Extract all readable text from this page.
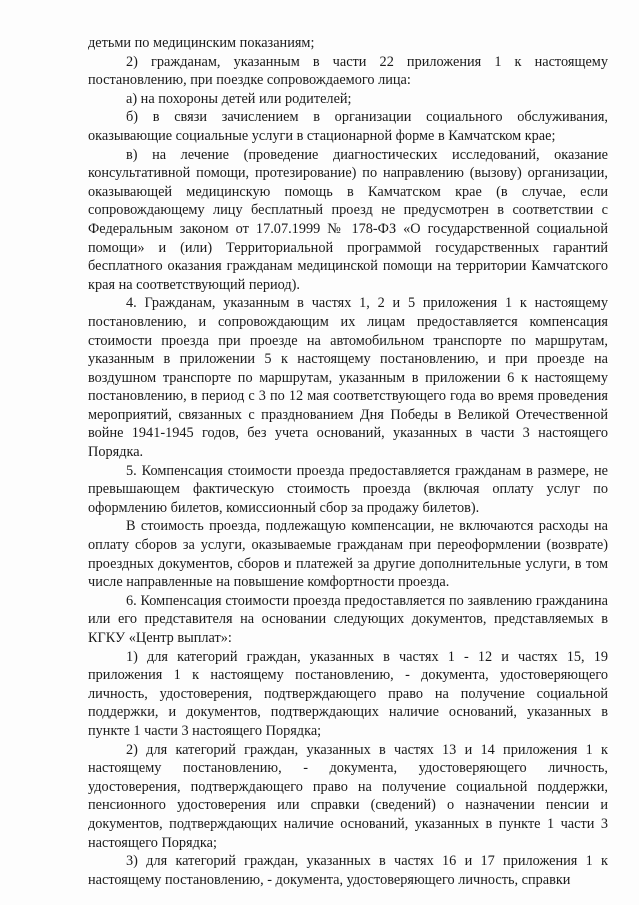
детьми по медицинским показаниям;

2) гражданам, указанным в части 22 приложения 1 к настоящему постановлению, при поездке сопровождаемого лица:

а) на похороны детей или родителей;

б) в связи зачислением в организации социального обслуживания, оказывающие социальные услуги в стационарной форме в Камчатском крае;

в) на лечение (проведение диагностических исследований, оказание консультативной помощи, протезирование) по направлению (вызову) организации, оказывающей медицинскую помощь в Камчатском крае (в случае, если сопровождающему лицу бесплатный проезд не предусмотрен в соответствии с Федеральным законом от 17.07.1999 № 178-ФЗ «О государственной социальной помощи» и (или) Территориальной программой государственных гарантий бесплатного оказания гражданам медицинской помощи на территории Камчатского края на соответствующий период).

4. Гражданам, указанным в частях 1, 2 и 5 приложения 1 к настоящему постановлению, и сопровождающим их лицам предоставляется компенсация стоимости проезда при проезде на автомобильном транспорте по маршрутам, указанным в приложении 5 к настоящему постановлению, и при проезде на воздушном транспорте по маршрутам, указанным в приложении 6 к настоящему постановлению, в период с 3 по 12 мая соответствующего года во время проведения мероприятий, связанных с празднованием Дня Победы в Великой Отечественной войне 1941-1945 годов, без учета оснований, указанных в части 3 настоящего Порядка.

5. Компенсация стоимости проезда предоставляется гражданам в размере, не превышающем фактическую стоимость проезда (включая оплату услуг по оформлению билетов, комиссионный сбор за продажу билетов).

В стоимость проезда, подлежащую компенсации, не включаются расходы на оплату сборов за услуги, оказываемые гражданам при переоформлении (возврате) проездных документов, сборов и платежей за другие дополнительные услуги, в том числе направленные на повышение комфортности проезда.

6. Компенсация стоимости проезда предоставляется по заявлению гражданина или его представителя на основании следующих документов, представляемых в КГКУ «Центр выплат»:

1) для категорий граждан, указанных в частях 1 - 12 и частях 15, 19 приложения 1 к настоящему постановлению, - документа, удостоверяющего личность, удостоверения, подтверждающего право на получение социальной поддержки, и документов, подтверждающих наличие оснований, указанных в пункте 1 части 3 настоящего Порядка;

2) для категорий граждан, указанных в частях 13 и 14 приложения 1 к настоящему постановлению, - документа, удостоверяющего личность, удостоверения, подтверждающего право на получение социальной поддержки, пенсионного удостоверения или справки (сведений) о назначении пенсии и документов, подтверждающих наличие оснований, указанных в пункте 1 части 3 настоящего Порядка;

3) для категорий граждан, указанных в частях 16 и 17 приложения 1 к настоящему постановлению, - документа, удостоверяющего личность, справки
